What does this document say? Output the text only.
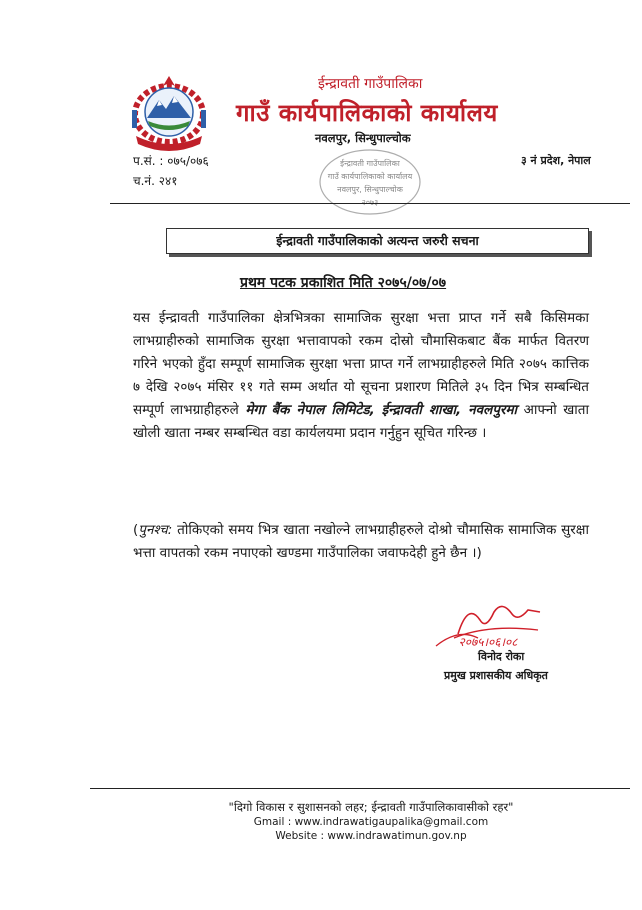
ईन्द्रावती गाउँपालिका
गाउँ कार्यपालिकाको कार्यालय
नवलपुर, सिन्धुपाल्चोक
प.सं. : ०७५/०७६
च.नं. २४१
३ नं प्रदेश, नेपाल
ईन्द्रावती गाउँपालिका
गाउँ कार्यपालिकाको कार्यालय
नवलपुर, सिन्धुपाल्चोक
२०७३
ईन्द्रावती गाउँपालिकाको अत्यन्त जरुरी सचना
प्रथम पटक प्रकाशित मिति २०७५/०७/०७
यस ईन्द्रावती गाउँपालिका क्षेत्रभित्रका सामाजिक सुरक्षा भत्ता प्राप्त गर्ने सबै किसिमका लाभग्राहीरुको सामाजिक सुरक्षा भत्तावापको रकम दोस्रो चौमासिकबाट बैंक मार्फत वितरण गरिने भएको हुँदा सम्पूर्ण सामाजिक सुरक्षा भत्ता प्राप्त गर्ने लाभग्राहीहरुले मिति २०७५ कात्तिक ७ देखि २०७५ मंसिर ११ गते सम्म अर्थात यो सूचना प्रशारण मितिले ३५ दिन भित्र सम्बन्धित सम्पूर्ण लाभग्राहीहरुले मेगा बैंक नेपाल लिमिटेड, ईन्द्रावती शाखा, नवलपुरमा आफ्नो खाता खोली खाता नम्बर सम्बन्धित वडा कार्यलयमा प्रदान गर्नुहुन सूचित गरिन्छ ।
(पुनश्च: तोकिएको समय भित्र खाता नखोल्ने लाभग्राहीहरुले दोश्रो चौमासिक सामाजिक सुरक्षा भत्ता वापतको रकम नपाएको खण्डमा गाउँपालिका जवाफदेही हुने छैन ।)
२०७५।०६।०८
विनोद रोका
प्रमुख प्रशासकीय अधिकृत
"दिगो विकास र सुशासनको लहर; ईन्द्रावती गाउँपालिकावासीको रहर"
Gmail : www.indrawatigaupalika@gmail.com
Website : www.indrawatimun.gov.np
